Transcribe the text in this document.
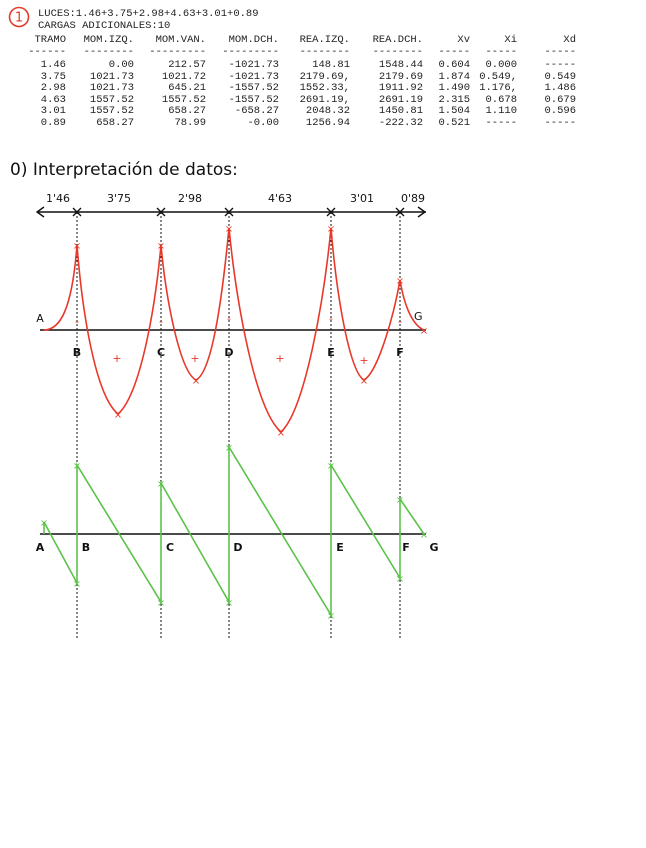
1 LUCES:1.46+3.75+2.98+4.63+3.01+0.89
CARGAS ADICIONALES:10
TRAMO MOM.IZQ. MOM.VAN. MOM.DCH. REA.IZQ. REA.DCH.	Xv	Xi	Xd
------ -------- --------- --------- -------- -------- ----- -----	-----
1.46	0.00	212.57 -1021.73	148.81	1548.44 0.604 0.000	-----
3.75 1021.73	1021.72 -1021.73 2179.69,	2179.69 1.874 0.549,	0.549
2.98 1021.73	645.21 -1557.52 1552.33,	1911.92 1.490 1.176,	1.486
4.63 1557.52	1557.52 -1557.52 2691.19,	2691.19 2.315 0.678	0.679
3.01 1557.52	658.27	-658.27	2048.32	1450.81 1.504 1.110	0.596
0.89	658.27	78.99	-0.00	1256.94	-222.32 0.521 -----	-----
0) Interpretación de datos:
1'46	3'75	2'98	4'63	3'01 0'89
×	×
×	×
×
×
×
×
×
×
-	-	-	-	-
+	+	+	+
A	G
B	C	D	E	F
×
×
×
×
×
×
×
×
×
×
×
×
A	B	C	D	E	F G
